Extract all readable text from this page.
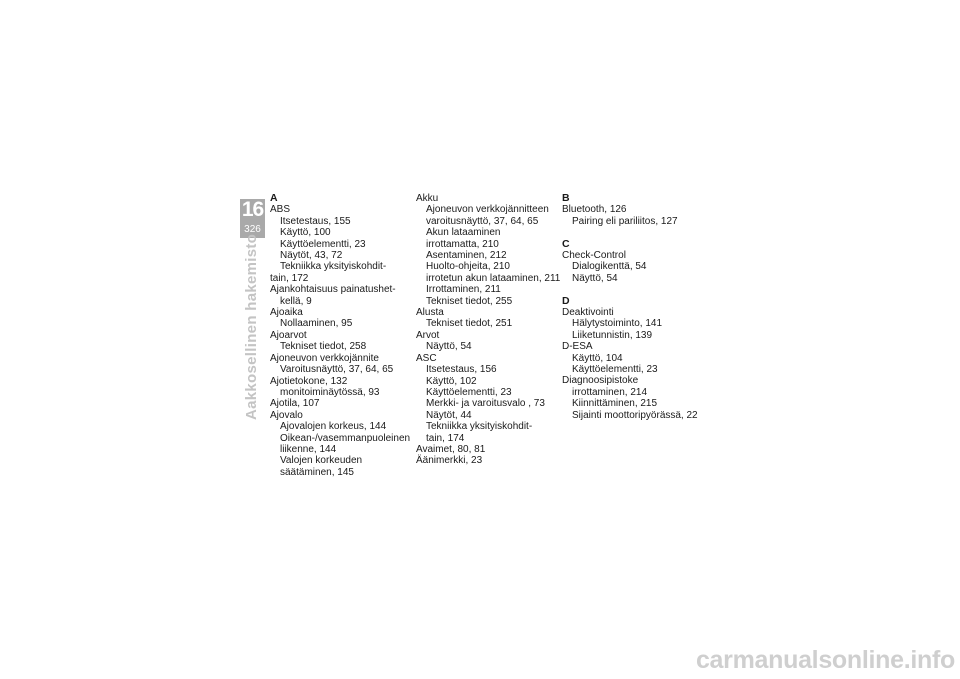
16
326
Aakkosellinen hakemisto
A
ABS
Itsetestaus, 155
Käyttö, 100
Käyttöelementti, 23
Näytöt, 43, 72
Tekniikka yksityiskohdit-
tain, 172
Ajankohtaisuus painatushet-
kellä, 9
Ajoaika
Nollaaminen, 95
Ajoarvot
Tekniset tiedot, 258
Ajoneuvon verkkojännite
Varoitusnäyttö, 37, 64, 65
Ajotietokone, 132
monitoiminäytössä, 93
Ajotila, 107
Ajovalo
Ajovalojen korkeus, 144
Oikean-/vasemmanpuoleinen
liikenne, 144
Valojen korkeuden
säätäminen, 145
Akku
Ajoneuvon verkkojännitteen
varoitusnäyttö, 37, 64, 65
Akun lataaminen
irrottamatta, 210
Asentaminen, 212
Huolto-ohjeita, 210
irrotetun akun lataaminen, 211
Irrottaminen, 211
Tekniset tiedot, 255
Alusta
Tekniset tiedot, 251
Arvot
Näyttö, 54
ASC
Itsetestaus, 156
Käyttö, 102
Käyttöelementti, 23
Merkki- ja varoitusvalo , 73
Näytöt, 44
Tekniikka yksityiskohdit-
tain, 174
Avaimet, 80, 81
Äänimerkki, 23
B
Bluetooth, 126
Pairing eli pariliitos, 127
C
Check-Control
Dialogikenttä, 54
Näyttö, 54
D
Deaktivointi
Hälytystoiminto, 141
Liiketunnistin, 139
D-ESA
Käyttö, 104
Käyttöelementti, 23
Diagnoosipistoke
irrottaminen, 214
Kiinnittäminen, 215
Sijainti moottoripyörässä, 22
carmanualsonline.info
